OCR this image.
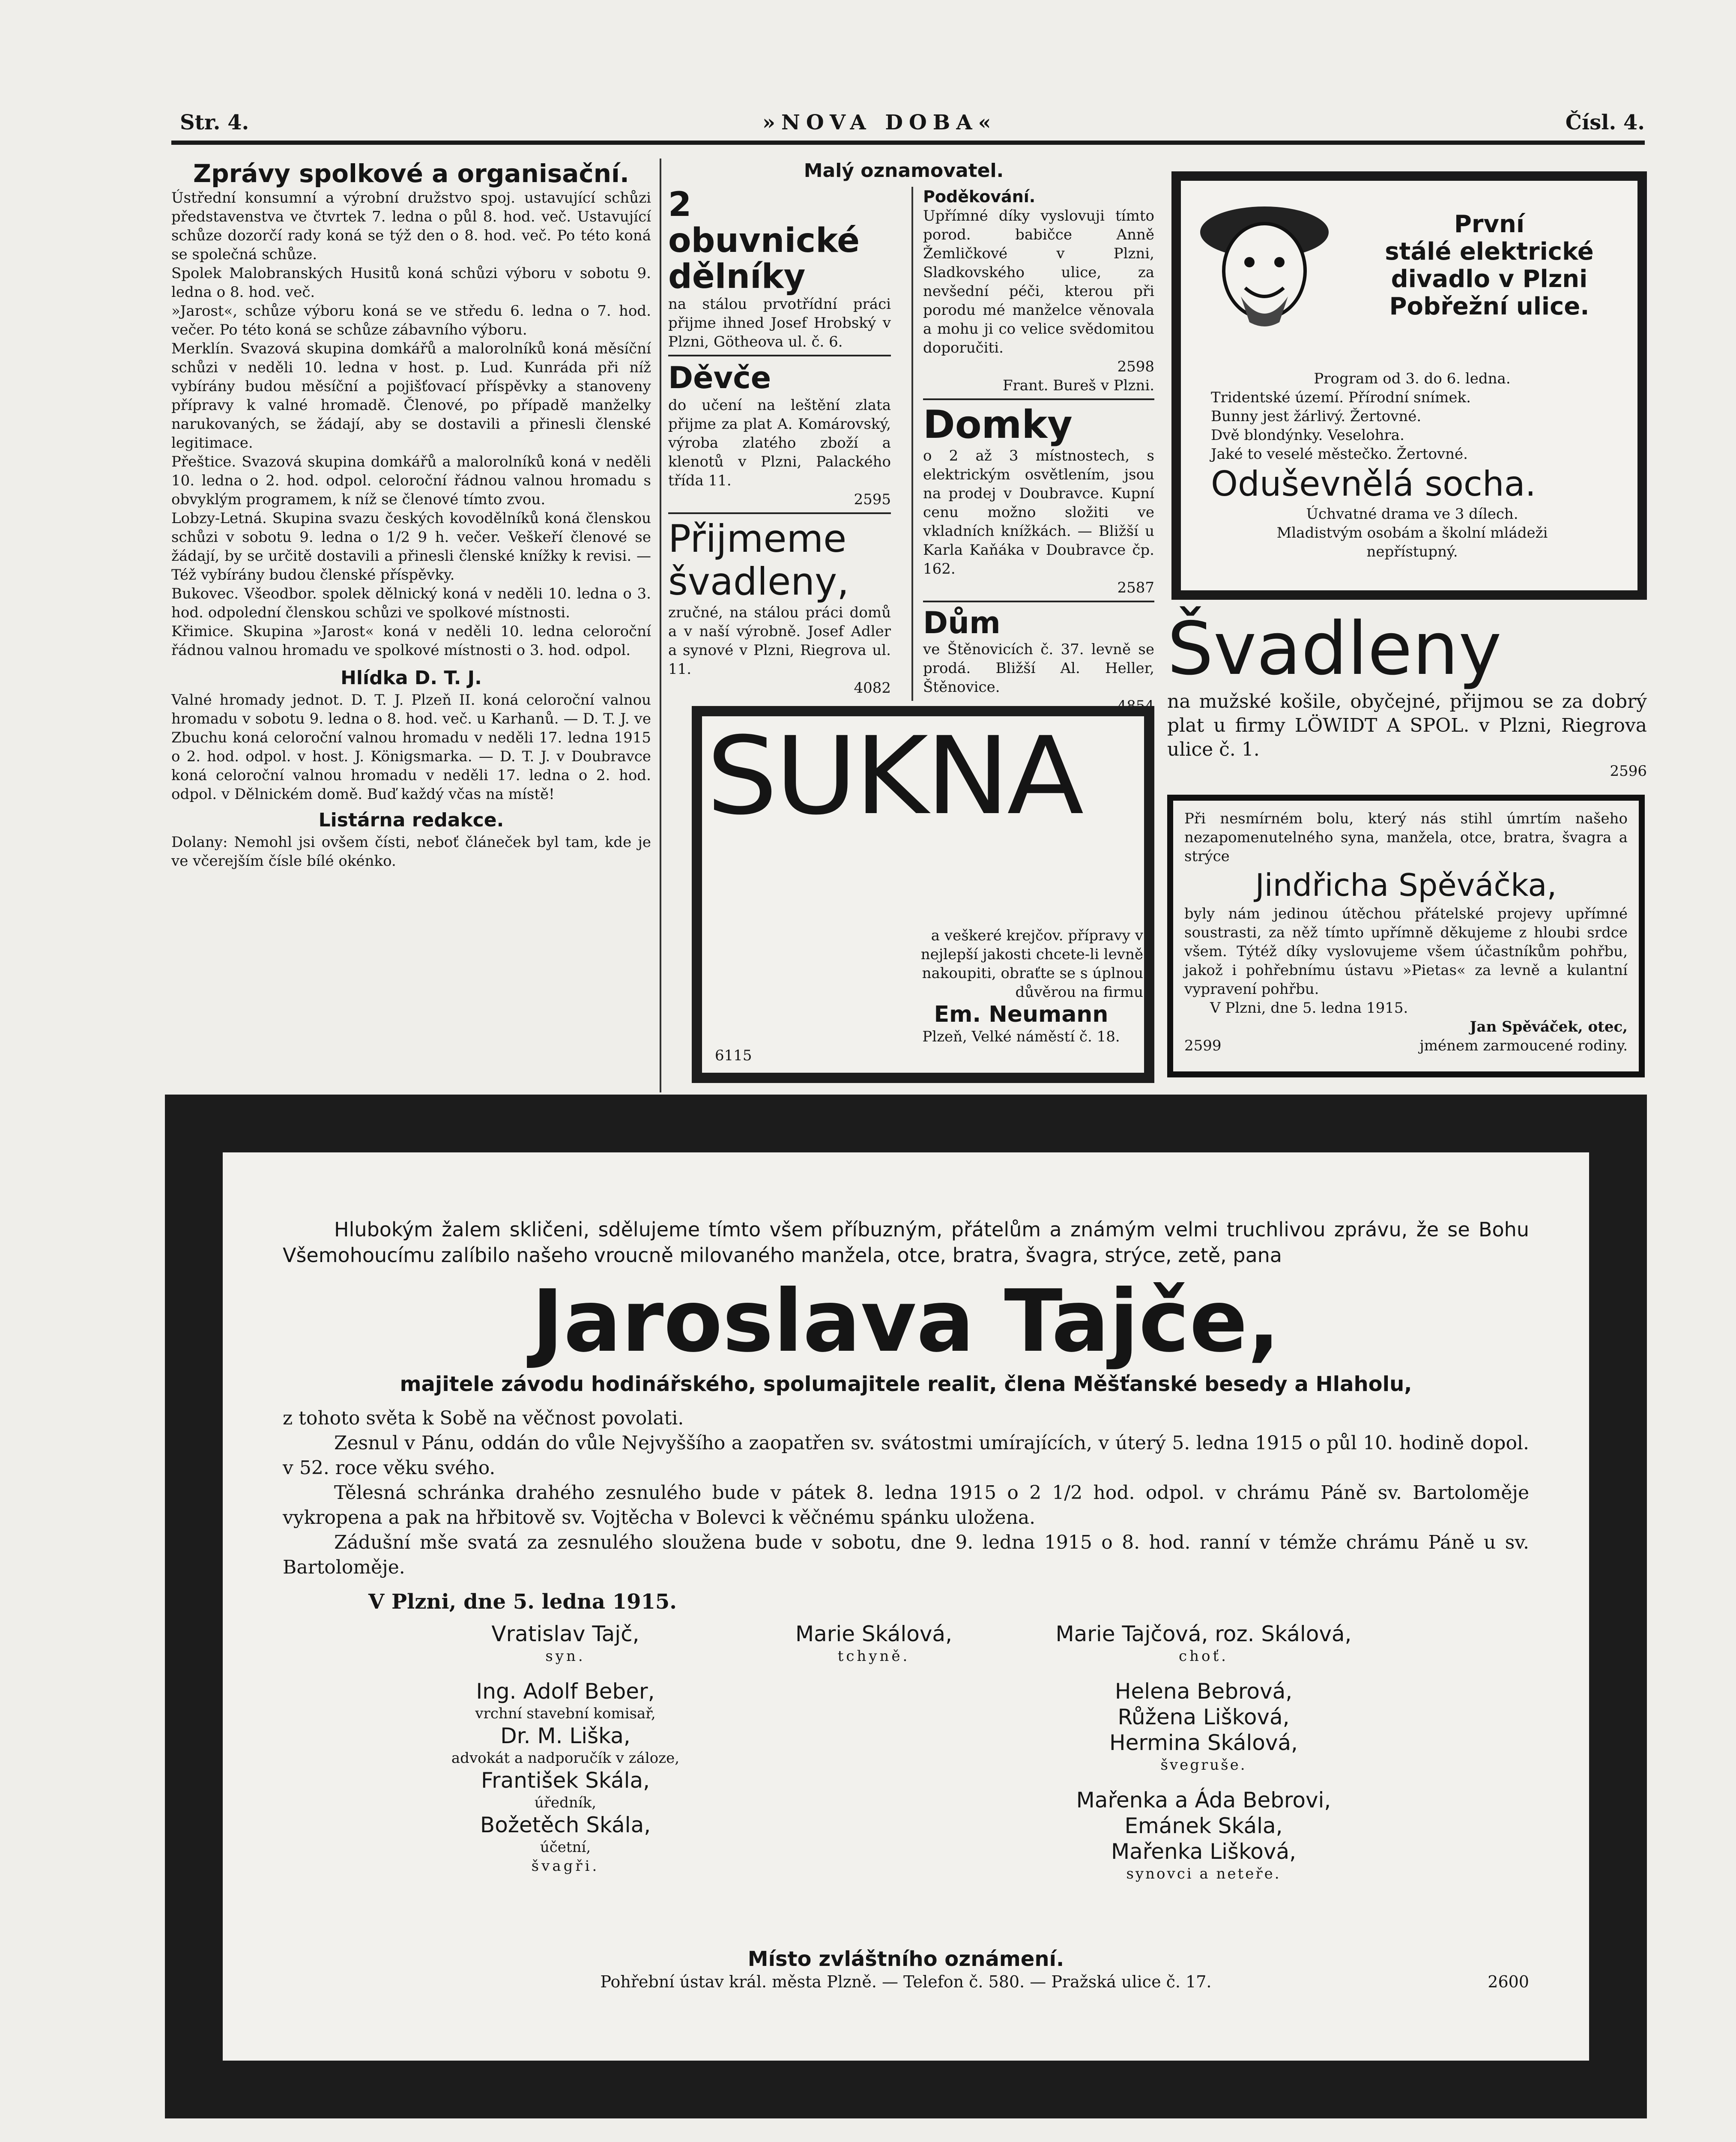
Str. 4.	»NOVA DOBA«	Čísl. 4.
Zprávy spolkové a organisační.

Ústřední konsumní a výrobní družstvo spoj. ustavující schůzi představenstva ve čtvrtek 7. ledna o půl 8. hod. več. Ustavující schůze dozorčí rady koná se týž den o 8. hod. več. Po této koná se společná schůze.

Spolek Malobranských Husitů koná schůzi výboru v sobotu 9. ledna o 8. hod. več.

»Jarost«, schůze výboru koná se ve středu 6. ledna o 7. hod. večer. Po této koná se schůze zábavního výboru.

Merklín. Svazová skupina domkářů a malorolníků koná měsíční schůzi v neděli 10. ledna v host. p. Lud. Kunráda při níž vybírány budou měsíční a pojišťovací příspěvky a stanoveny přípravy k valné hromadě. Členové, po případě manželky narukovaných, se žádají, aby se dostavili a přinesli členské legitimace.

Přeštice. Svazová skupina domkářů a malorolníků koná v neděli 10. ledna o 2. hod. odpol. celoroční řádnou valnou hromadu s obvyklým programem, k níž se členové tímto zvou.

Lobzy-Letná. Skupina svazu českých kovodělníků koná členskou schůzi v sobotu 9. ledna o 1/2 9 h. večer. Veškeří členové se žádají, by se určitě dostavili a přinesli členské knížky k revisi. — Též vybírány budou členské příspěvky.

Bukovec. Všeodbor. spolek dělnický koná v neděli 10. ledna o 3. hod. odpolední členskou schůzi ve spolkové místnosti.

Křimice. Skupina »Jarost« koná v neděli 10. ledna celoroční řádnou valnou hromadu ve spolkové místnosti o 3. hod. odpol.

Hlídka D. T. J.

Valné hromady jednot. D. T. J. Plzeň II. koná celoroční valnou hromadu v sobotu 9. ledna o 8. hod. več. u Karhanů. — D. T. J. ve Zbuchu koná celoroční valnou hromadu v neděli 17. ledna 1915 o 2. hod. odpol. v host. J. Königsmarka. — D. T. J. v Doubravce koná celoroční valnou hromadu v neděli 17. ledna o 2. hod. odpol. v Dělnickém domě. Buď každý včas na místě!

Listárna redakce.

Dolany: Nemohl jsi ovšem čísti, neboť článeček byl tam, kde je ve včerejším čísle bílé okénko.

Malý oznamovatel.
2 obuvnické dělníky

na stálou prvotřídní práci přijme ihned Josef Hrobský v Plzni, Götheova ul. č. 6.

Děvče

do učení na leštění zlata přijme za plat A. Komárovský, výroba zlatého zboží a klenotů v Plzni, Palackého třída 11.

2595
Přijmeme
švadleny,

zručné, na stálou práci domů a v naší výrobně. Josef Adler a synové v Plzni, Riegrova ul. 11.

4082
Poděkování.

Upřímné díky vyslovuji tímto porod. babičce Anně Žemličkové v Plzni, Sladkovského ulice, za nevšední péči, kterou při porodu mé manželce věnovala a mohu ji co velice svědomitou doporučiti.

2598
Frant. Bureš v Plzni.
Domky

o 2 až 3 místnostech, s elektrickým osvětlením, jsou na prodej v Doubravce. Kupní cenu možno složiti ve vkladních knížkách. — Bližší u Karla Kaňáka v Doubravce čp. 162.

2587
Dům

ve Štěnovicích č. 37. levně se prodá. Bližší Al. Heller, Štěnovice.

První
stálé elektrické
divadlo v Plzni
Pobřežní ulice.
Program od 3. do 6. ledna.
Tridentské území. Přírodní snímek.
Bunny jest žárlivý. Žertovné.
Dvě blondýnky. Veselohra.
Jaké to veselé městečko. Žertovné.
Oduševnělá socha.
Úchvatné drama ve 3 dílech.
Mladistvým osobám a školní mládeži nepřístupný.
Švadleny

na mužské košile, obyčejné, přijmou se za dobrý plat u firmy LÖWIDT A SPOL. v Plzni, Riegrova ulice č. 1.

2596

Při nesmírném bolu, který nás stihl úmrtím našeho nezapomenutelného syna, manžela, otce, bratra, švagra a strýce

Jindřicha Spěváčka,

byly nám jedinou útěchou přátelské projevy upřímné soustrasti, za něž tímto upřímně děkujeme z hloubi srdce všem. Týtéž díky vyslovujeme všem účastníkům pohřbu, jakož i pohřebnímu ústavu »Pietas« za levně a kulantní vypravení pohřbu.

V Plzni, dne 5. ledna 1915.
Jan Spěváček, otec,
2599	jménem zarmoucené rodiny.
SUKNA

a veškeré krejčov. přípravy v nejlepší jakosti chcete-li levně nakoupiti, obraťte se s úplnou důvěrou na firmu

Em. Neumann
Plzeň, Velké náměstí č. 18.
6115

Hlubokým žalem skličeni, sdělujeme tímto všem příbuzným, přátelům a známým velmi truchlivou zprávu, že se Bohu Všemohoucímu zalíbilo našeho vroucně milovaného manžela, otce, bratra, švagra, strýce, zetě, pana

Jaroslava Tajče,
majitele závodu hodinářského, spolumajitele realit, člena Měšťanské besedy a Hlaholu,

z tohoto světa k Sobě na věčnost povolati.

Zesnul v Pánu, oddán do vůle Nejvyššího a zaopatřen sv. svátostmi umírajících, v úterý 5. ledna 1915 o půl 10. hodině dopol. v 52. roce věku svého.

Tělesná schránka drahého zesnulého bude v pátek 8. ledna 1915 o 2 1/2 hod. odpol. v chrámu Páně sv. Bartoloměje vykropena a pak na hřbitově sv. Vojtěcha v Bolevci k věčnému spánku uložena.

Zádušní mše svatá za zesnulého sloužena bude v sobotu, dne 9. ledna 1915 o 8. hod. ranní v témže chrámu Páně u sv. Bartoloměje.

V Plzni, dne 5. ledna 1915.
Vratislav Tajč,
syn.
Ing. Adolf Beber,
vrchní stavební komisař,
Dr. M. Liška,
advokát a nadporučík v záloze,
František Skála,
úředník,
Božetěch Skála,
účetní,
švagři.
Marie Skálová,
tchyně.
Marie Tajčová, roz. Skálová,
choť.
Helena Bebrová,
Růžena Lišková,
Hermina Skálová,
švegruše.
Mařenka a Áda Bebrovi,
Emánek Skála,
Mařenka Lišková,
synovci a neteře.
Místo zvláštního oznámení.
Pohřební ústav král. města Plzně. — Telefon č. 580. — Pražská ulice č. 17.	2600
